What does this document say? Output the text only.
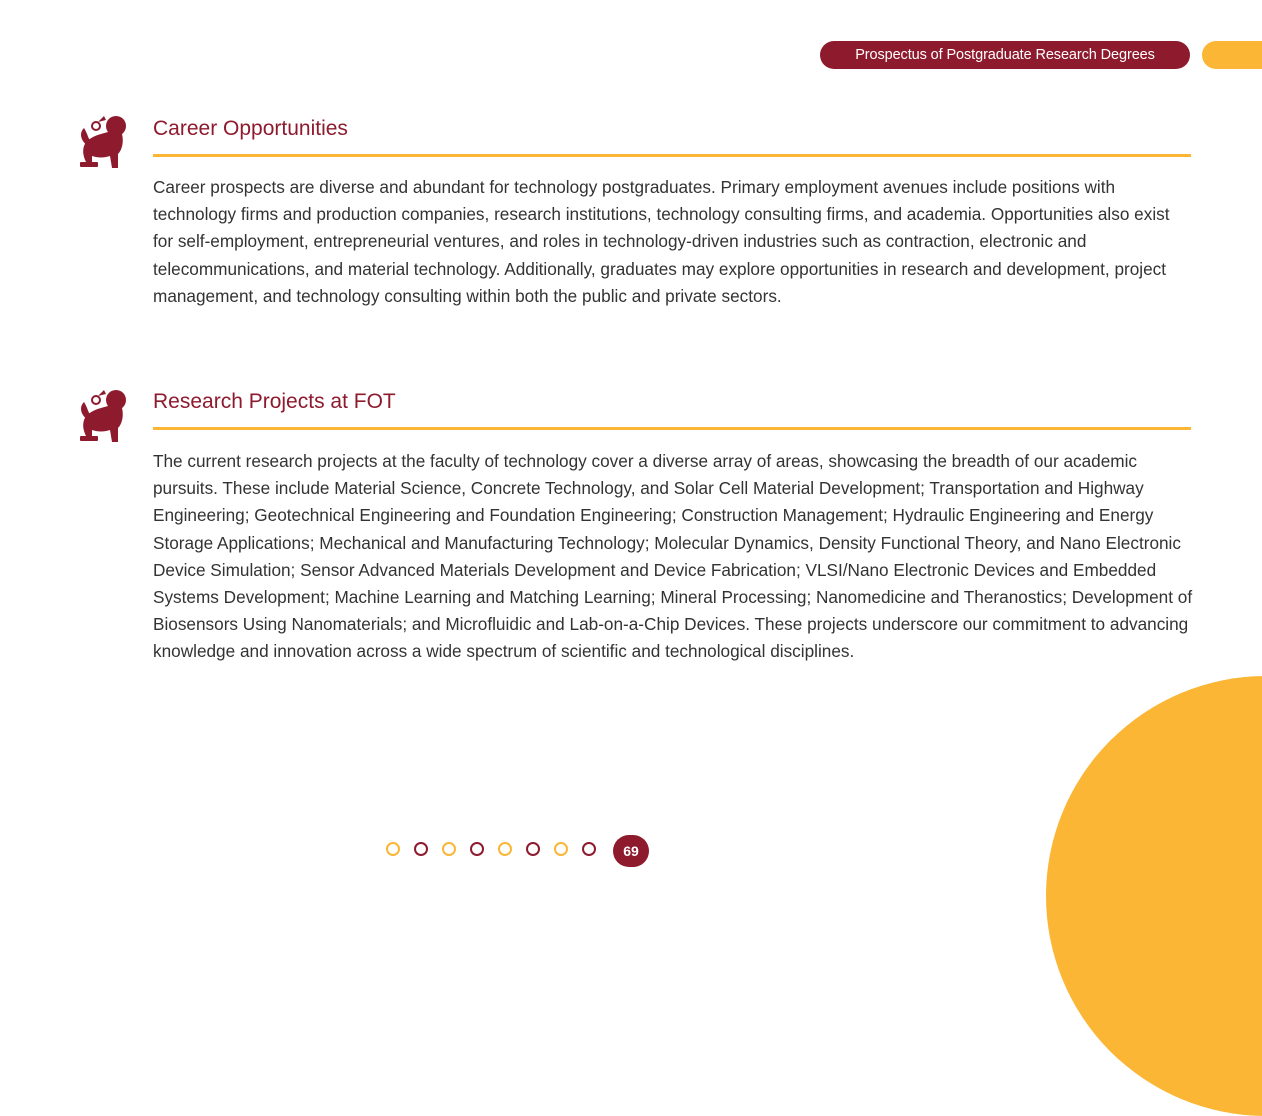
Prospectus of Postgraduate Research Degrees
Career Opportunities
Career prospects are diverse and abundant for technology postgraduates. Primary employment avenues include positions with technology firms and production companies, research institutions, technology consulting firms, and academia. Opportunities also exist for self-employment, entrepreneurial ventures, and roles in technology-driven industries such as contraction, electronic and telecommunications, and material technology. Additionally, graduates may explore opportunities in research and development, project management, and technology consulting within both the public and private sectors.
Research Projects at FOT
The current research projects at the faculty of technology cover a diverse array of areas, showcasing the breadth of our academic pursuits. These include Material Science, Concrete Technology, and Solar Cell Material Development; Transportation and Highway Engineering; Geotechnical Engineering and Foundation Engineering; Construction Management; Hydraulic Engineering and Energy Storage Applications; Mechanical and Manufacturing Technology; Molecular Dynamics, Density Functional Theory, and Nano Electronic Device Simulation; Sensor Advanced Materials Development and Device Fabrication; VLSI/Nano Electronic Devices and Embedded Systems Development; Machine Learning and Matching Learning; Mineral Processing; Nanomedicine and Theranostics; Development of Biosensors Using Nanomaterials; and Microfluidic and Lab-on-a-Chip Devices. These projects underscore our commitment to advancing knowledge and innovation across a wide spectrum of scientific and technological disciplines.
69
